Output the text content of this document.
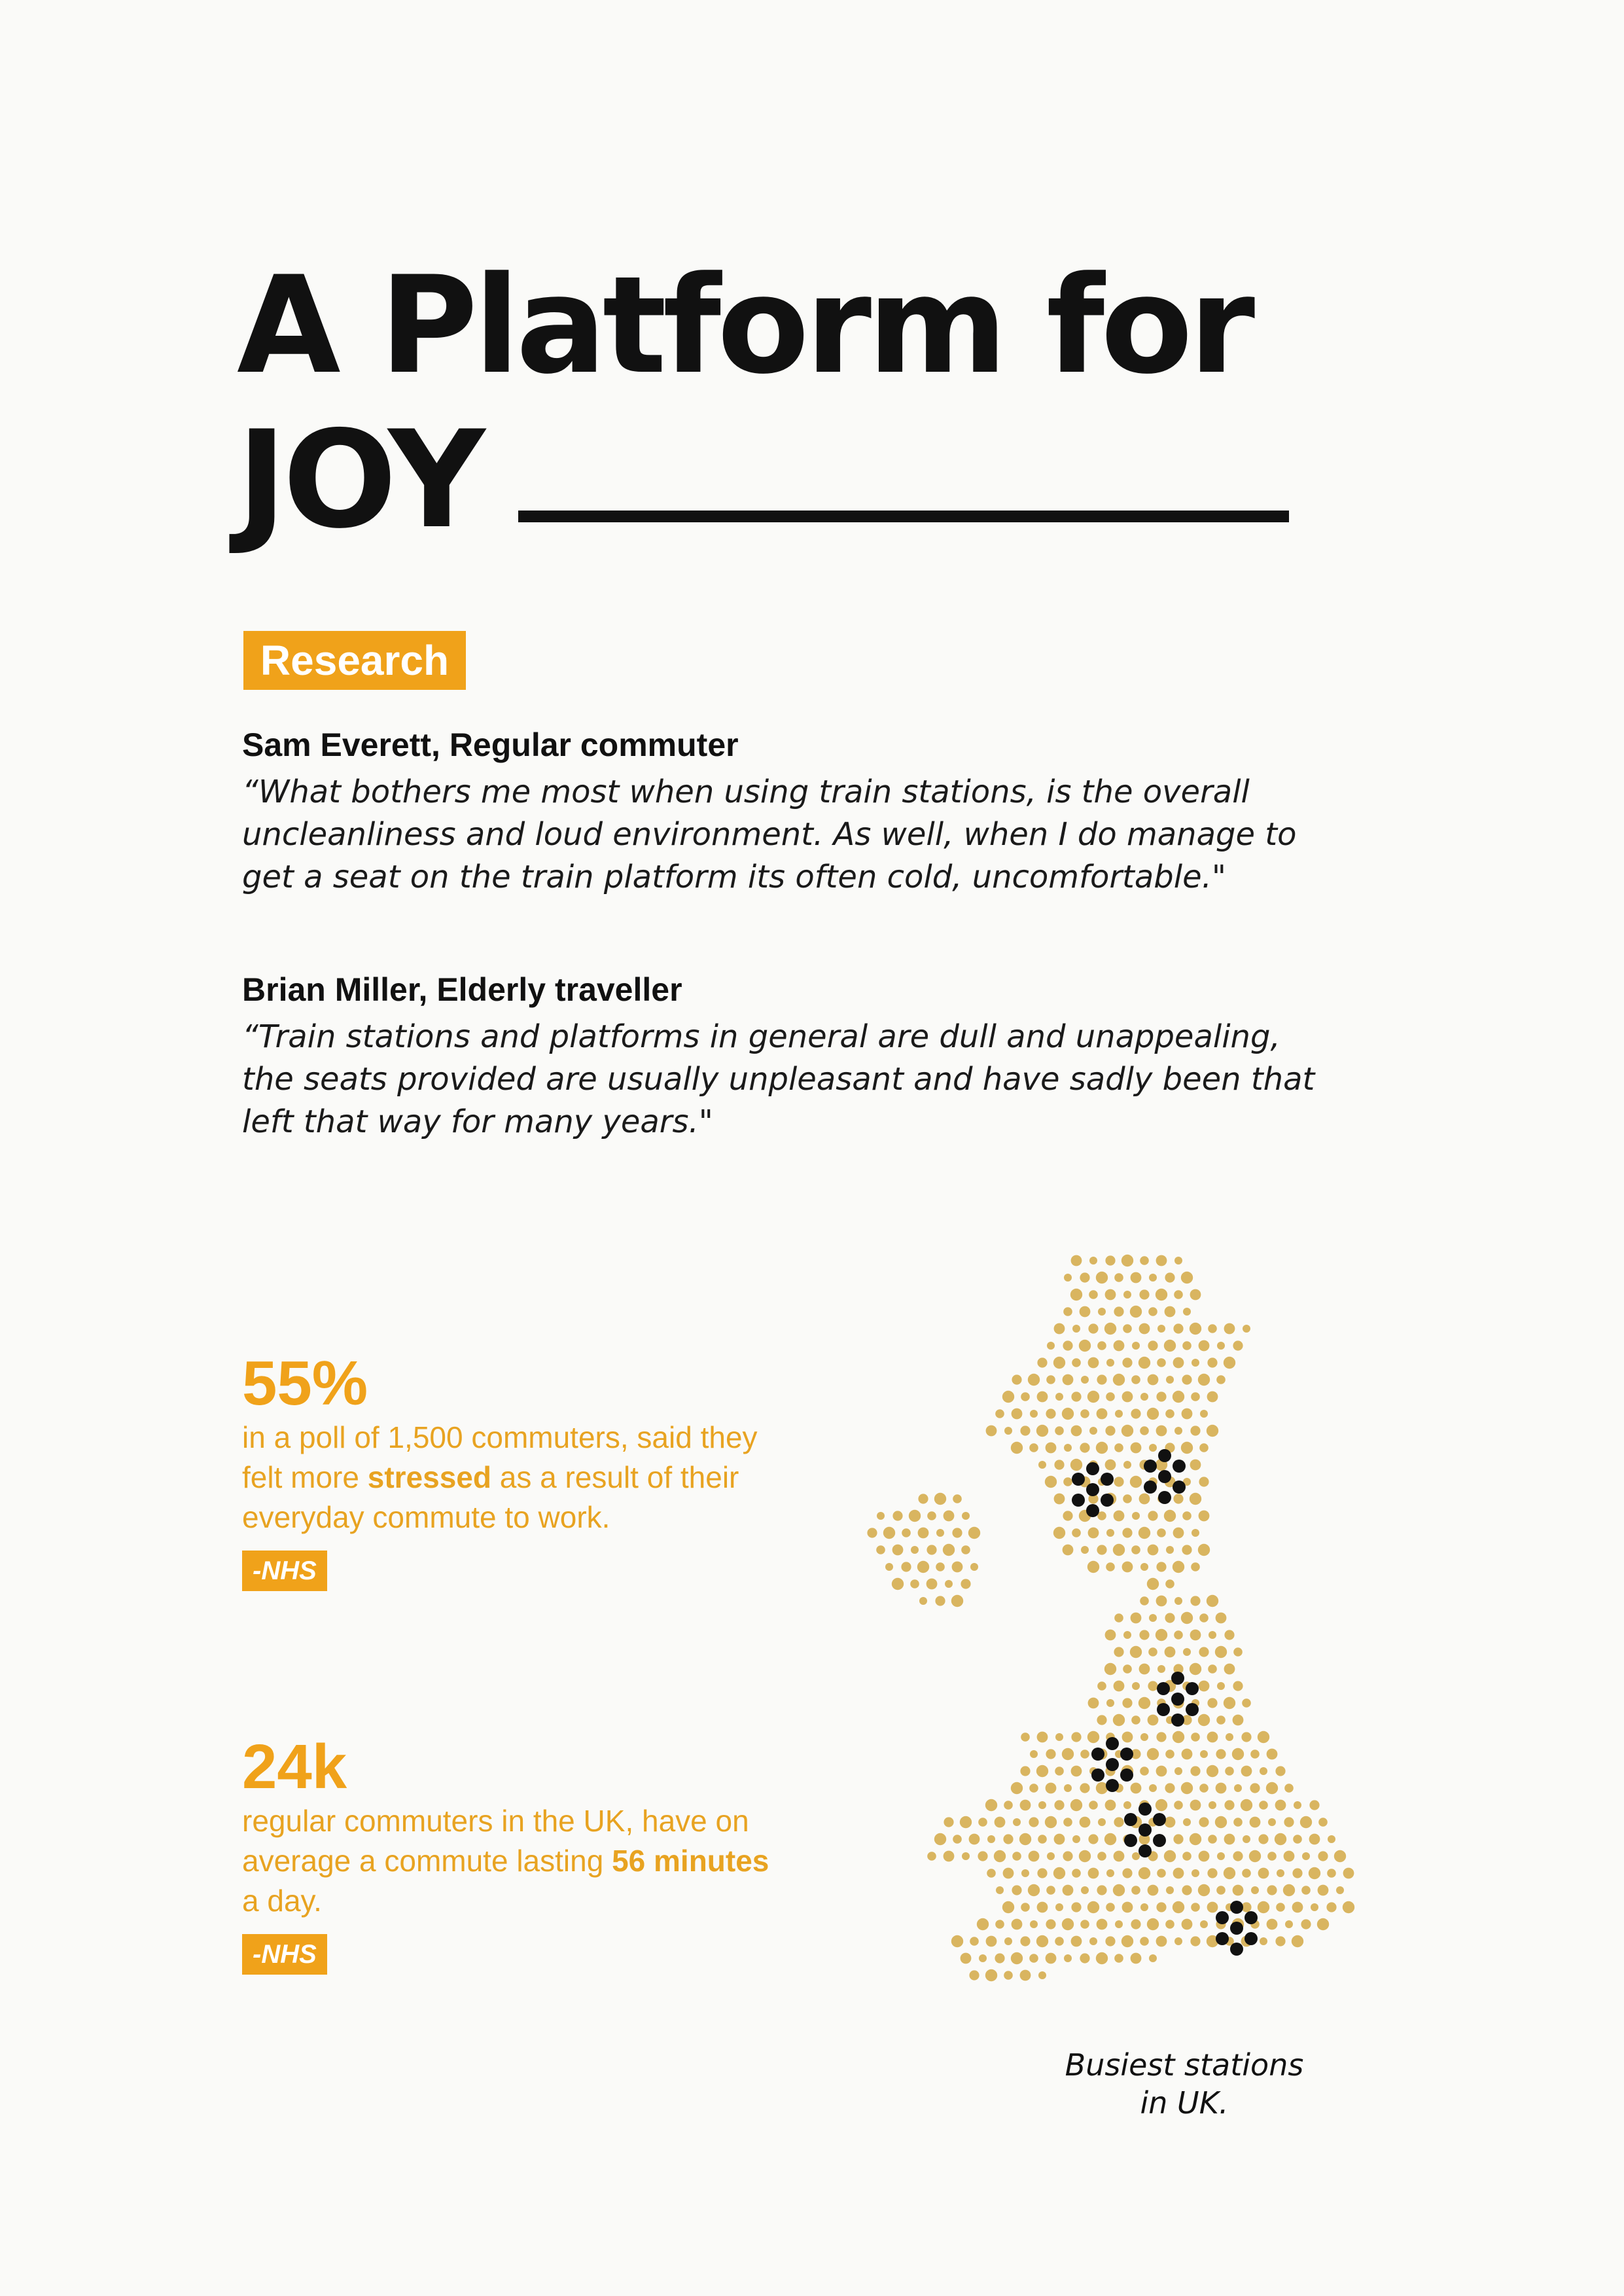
A Platform for
JOY
Research

Sam Everett, Regular commuter

“What bothers me most when using train stations, is the overall uncleanliness and loud environment. As well, when I do manage to get a seat on the train platform its often cold, uncomfortable."

Brian Miller, Elderly traveller

“Train stations and platforms in general are dull and unappealing, the seats provided are usually unpleasant and have sadly been that left that way for many years."

55%

in a poll of 1,500 commuters, said they felt more stressed as a result of their everyday commute to work.

-NHS
24k

regular commuters in the UK, have on average a commute lasting 56 minutes a day.

-NHS
Busiest stations
in UK.
